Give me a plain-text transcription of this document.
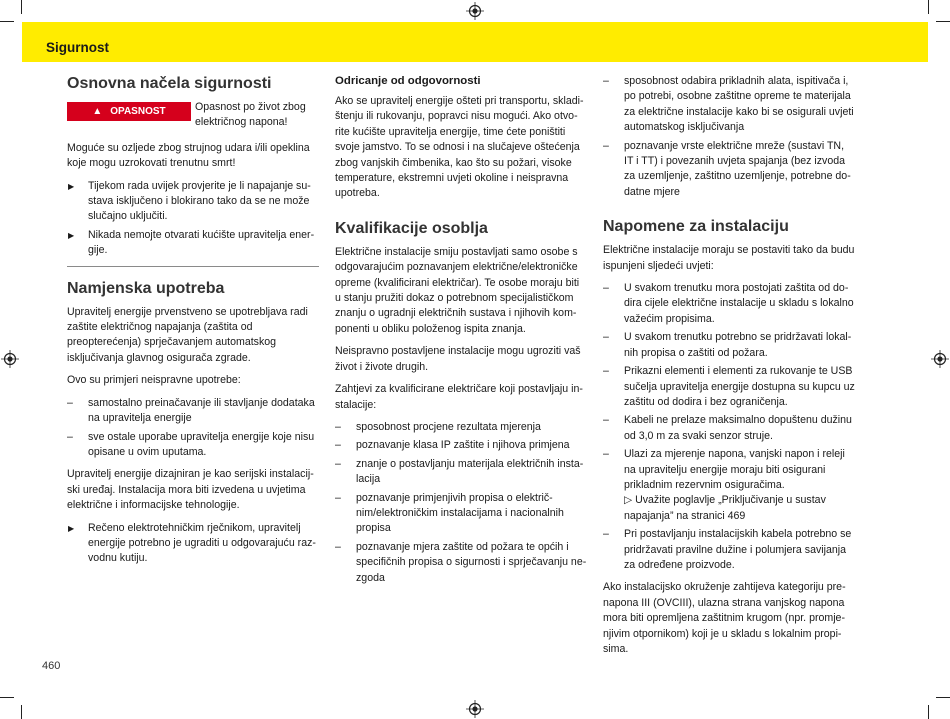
Sigurnost
Osnovna načela sigurnosti
▲ OPASNOST	Opasnost po život zbog električnog napona!

Moguće su ozljede zbog strujnog udara i/ili opeklina koje mogu uzrokovati trenutnu smrt!

▶ Tijekom rada uvijek provjerite je li napajanje sustava isključeno i blokirano tako da se ne može slučajno uključiti.
▶ Nikada nemojte otvarati kućište upravitelja energije.
Namjenska upotreba

Upravitelj energije prvenstveno se upotrebljava radi zaštite električnog napajanja (zaštita od preopterećenja) sprječavanjem automatskog isključivanja glavnog osigurača zgrade.

Ovo su primjeri neispravne upotrebe:

– samostalno preinačavanje ili stavljanje dodataka na upravitelja energije
– sve ostale uporabe upravitelja energije koje nisu opisane u ovim uputama.

Upravitelj energije dizajniran je kao serijski instalacijski uređaj. Instalacija mora biti izvedena u uvjetima električne i informacijske tehnologije.

▶ Rečeno elektrotehničkim rječnikom, upravitelj energije potrebno je ugraditi u odgovarajuću razvodnu kutiju.
Odricanje od odgovornosti

Ako se upravitelj energije ošteti pri transportu, skladištenju ili rukovanju, popravci nisu mogući. Ako otvorite kućište upravitelja energije, time ćete poništiti svoje jamstvo. To se odnosi i na slučajeve oštećenja zbog vanjskih čimbenika, kao što su požari, visoke temperature, ekstremni uvjeti okoline i neispravna upotreba.

Kvalifikacije osoblja

Električne instalacije smiju postavljati samo osobe s odgovarajućim poznavanjem električne/elektroničke opreme (kvalificirani električar). Te osobe moraju biti u stanju pružiti dokaz o potrebnom specijalističkom znanju o ugradnji električnih sustava i njihovih komponenti u obliku položenog ispita znanja.

Neispravno postavljene instalacije mogu ugroziti vaš život i živote drugih.

Zahtjevi za kvalificirane električare koji postavljaju instalacije:

– sposobnost procjene rezultata mjerenja
– poznavanje klasa IP zaštite i njihova primjena
– znanje o postavljanju materijala električnih instalacija
– poznavanje primjenjivih propisa o električnim/elektroničkim instalacijama i nacionalnih propisa
– poznavanje mjera zaštite od požara te općih i specifičnih propisa o sigurnosti i sprječavanju nezgoda
– sposobnost odabira prikladnih alata, ispitivača i, po potrebi, osobne zaštitne opreme te materijala za električne instalacije kako bi se osigurali uvjeti automatskog isključivanja
– poznavanje vrste električne mreže (sustavi TN, IT i TT) i povezanih uvjeta spajanja (bez izvoda za uzemljenje, zaštitno uzemljenje, potrebne dodatne mjere
Napomene za instalaciju

Električne instalacije moraju se postaviti tako da budu ispunjeni sljedeći uvjeti:

– U svakom trenutku mora postojati zaštita od dodira cijele električne instalacije u skladu s lokalno važećim propisima.
– U svakom trenutku potrebno se pridržavati lokalnih propisa o zaštiti od požara.
– Prikazni elementi i elementi za rukovanje te USB sučelja upravitelja energije dostupna su kupcu uz zaštitu od dodira i bez ograničenja.
– Kabeli ne prelaze maksimalno dopuštenu dužinu od 3,0 m za svaki senzor struje.
– Ulazi za mjerenje napona, vanjski napon i releji na upravitelju energije moraju biti osigurani prikladnim rezervnim osiguračima.
▷ Uvažite poglavlje „Priključivanje u sustav napajanja” na stranici 469
– Pri postavljanju instalacijskih kabela potrebno se pridržavati pravilne dužine i polumjera savijanja za određene proizvode.

Ako instalacijsko okruženje zahtijeva kategoriju prenapona III (OVCIII), ulazna strana vanjskog napona mora biti opremljena zaštitnim krugom (npr. promjenjivim otpornikom) koji je u skladu s lokalnim propisima.

460
